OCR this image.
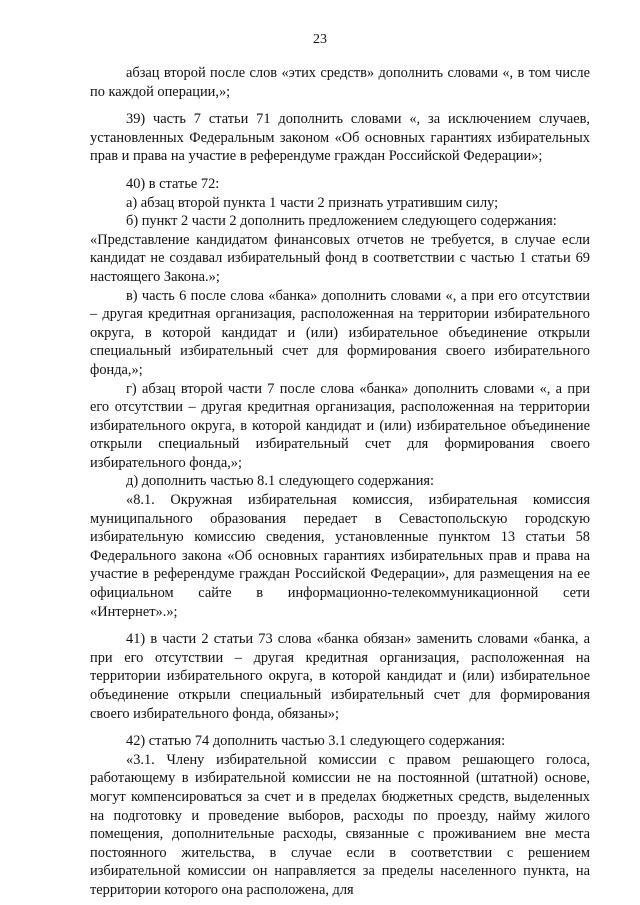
23

абзац второй после слов «этих средств» дополнить словами «, в том числе по каждой операции,»;

39) часть 7 статьи 71 дополнить словами «, за исключением случаев, установленных Федеральным законом «Об основных гарантиях избирательных прав и права на участие в референдуме граждан Российской Федерации»;

40) в статье 72:

а) абзац второй пункта 1 части 2 признать утратившим силу;

б) пункт 2 части 2 дополнить предложением следующего содержания:

«Представление кандидатом финансовых отчетов не требуется, в случае если кандидат не создавал избирательный фонд в соответствии с частью 1 статьи 69 настоящего Закона.»;

в) часть 6 после слова «банка» дополнить словами «, а при его отсутствии – другая кредитная организация, расположенная на территории избирательного округа, в которой кандидат и (или) избирательное объединение открыли специальный избирательный счет для формирования своего избирательного фонда,»;

г) абзац второй части 7 после слова «банка» дополнить словами «, а при его отсутствии – другая кредитная организация, расположенная на территории избирательного округа, в которой кандидат и (или) избирательное объединение открыли специальный избирательный счет для формирования своего избирательного фонда,»;

д) дополнить частью 8.1 следующего содержания:

«8.1. Окружная избирательная комиссия, избирательная комиссия муниципального образования передает в Севастопольскую городскую избирательную комиссию сведения, установленные пунктом 13 статьи 58 Федерального закона «Об основных гарантиях избирательных прав и права на участие в референдуме граждан Российской Федерации», для размещения на ее официальном сайте в информационно-телекоммуникационной сети «Интернет».»;

41) в части 2 статьи 73 слова «банка обязан» заменить словами «банка, а при его отсутствии – другая кредитная организация, расположенная на территории избирательного округа, в которой кандидат и (или) избирательное объединение открыли специальный избирательный счет для формирования своего избирательного фонда, обязаны»;

42) статью 74 дополнить частью 3.1 следующего содержания:

«3.1. Члену избирательной комиссии с правом решающего голоса, работающему в избирательной комиссии не на постоянной (штатной) основе, могут компенсироваться за счет и в пределах бюджетных средств, выделенных на подготовку и проведение выборов, расходы по проезду, найму жилого помещения, дополнительные расходы, связанные с проживанием вне места постоянного жительства, в случае если в соответствии с решением избирательной комиссии он направляется за пределы населенного пункта, на территории которого она расположена, для
